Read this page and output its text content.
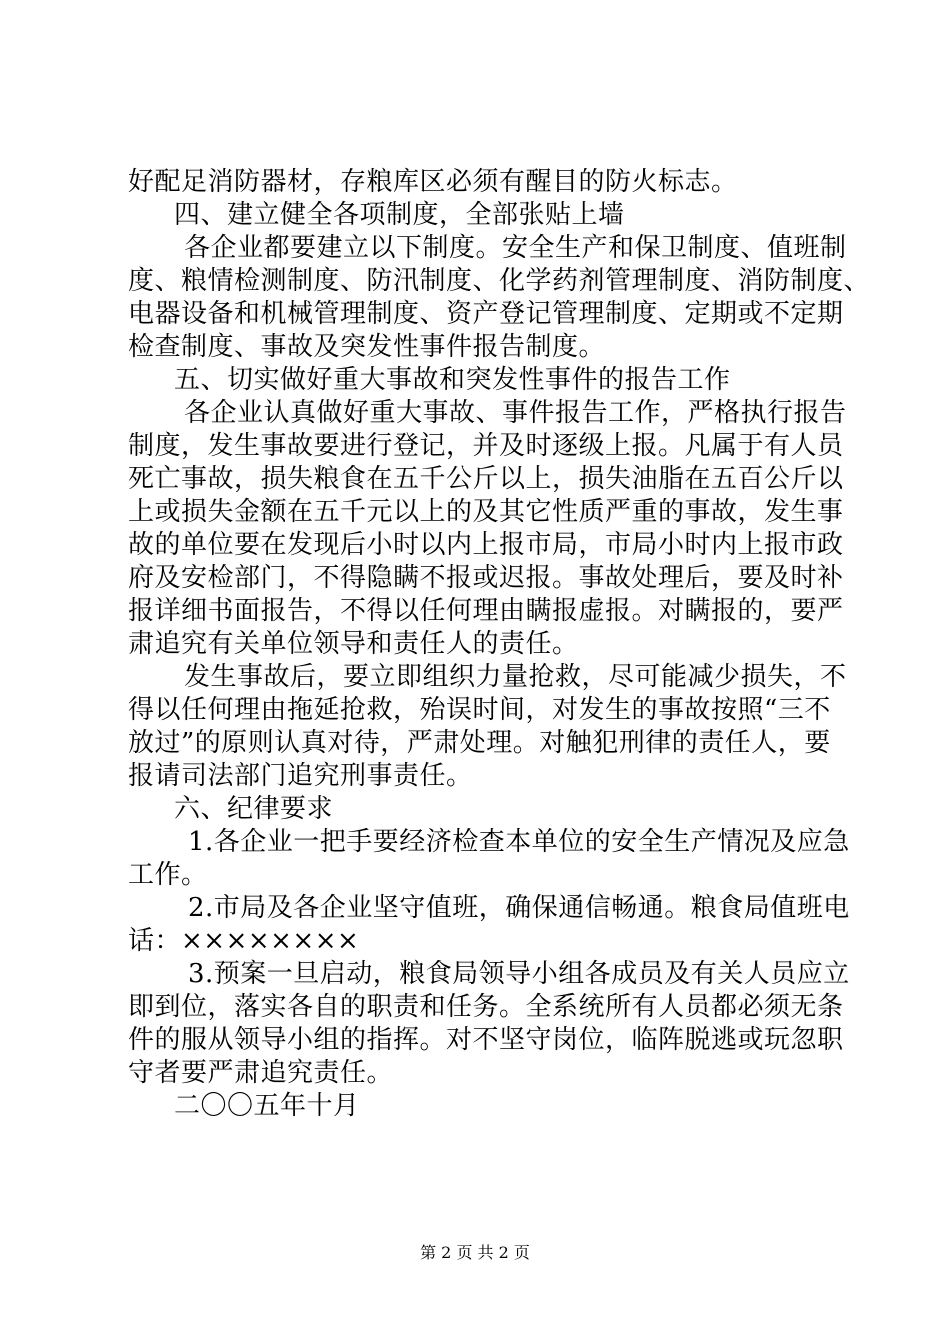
好配足消防器材，存粮库区必须有醒目的防火标志。
四、建立健全各项制度，全部张贴上墙
各企业都要建立以下制度。安全生产和保卫制度、值班制
度、粮情检测制度、防汛制度、化学药剂管理制度、消防制度、
电器设备和机械管理制度、资产登记管理制度、定期或不定期
检查制度、事故及突发性事件报告制度。
五、切实做好重大事故和突发性事件的报告工作
各企业认真做好重大事故、事件报告工作，严格执行报告
制度，发生事故要进行登记，并及时逐级上报。凡属于有人员
死亡事故，损失粮食在五千公斤以上，损失油脂在五百公斤以
上或损失金额在五千元以上的及其它性质严重的事故，发生事
故的单位要在发现后小时以内上报市局，市局小时内上报市政
府及安检部门，不得隐瞒不报或迟报。事故处理后，要及时补
报详细书面报告，不得以任何理由瞒报虚报。对瞒报的，要严
肃追究有关单位领导和责任人的责任。
发生事故后，要立即组织力量抢救，尽可能减少损失，不
得以任何理由拖延抢救，殆误时间，对发生的事故按照“三不
放过”的原则认真对待，严肃处理。对触犯刑律的责任人，要
报请司法部门追究刑事责任。
六、纪律要求
1.各企业一把手要经济检查本单位的安全生产情况及应急
工作。
2.市局及各企业坚守值班，确保通信畅通。粮食局值班电
话：××××××××
3.预案一旦启动，粮食局领导小组各成员及有关人员应立
即到位，落实各自的职责和任务。全系统所有人员都必须无条
件的服从领导小组的指挥。对不坚守岗位，临阵脱逃或玩忽职
守者要严肃追究责任。
二〇〇五年十月
第 2 页 共 2 页
